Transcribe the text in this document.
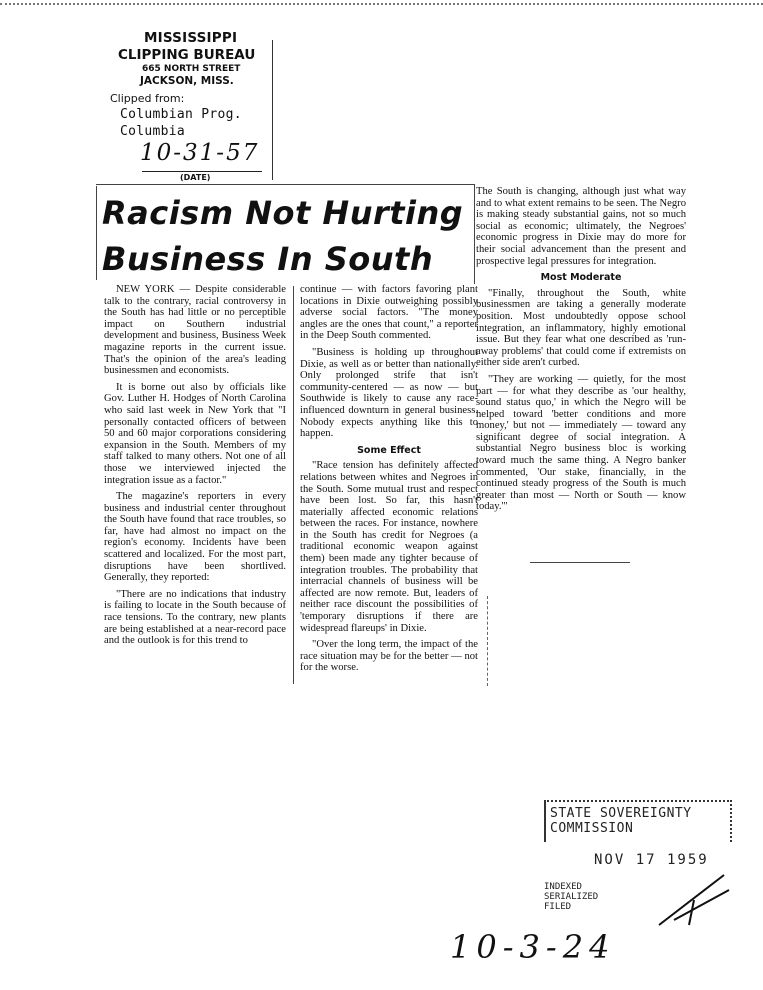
MISSISSIPPI
CLIPPING BUREAU
665 NORTH STREET
JACKSON, MISS.
Clipped from:
Columbian Prog.
Columbia
10-31-57
(DATE)
Racism Not Hurting
Business In South

NEW YORK — Despite considerable talk to the contrary, racial controversy in the South has had little or no perceptible impact on Southern industrial development and business, Business Week magazine reports in the current issue. That's the opinion of the area's leading businessmen and economists.

It is borne out also by officials like Gov. Luther H. Hodges of North Carolina who said last week in New York that "I personally contacted officers of between 50 and 60 major corporations considering expansion in the South. Members of my staff talked to many others. Not one of all those we interviewed injected the integration issue as a factor."

The magazine's reporters in every business and industrial center throughout the South have found that race troubles, so far, have had almost no impact on the region's economy. Incidents have been scattered and localized. For the most part, disruptions have been shortlived. Generally, they reported:

"There are no indications that industry is failing to locate in the South because of race tensions. To the contrary, new plants are being established at a near-record pace and the outlook is for this trend to

continue — with factors favoring plant locations in Dixie outweighing possibly adverse social factors. "The money angles are the ones that count," a reporter in the Deep South commented.

"Business is holding up throughout Dixie, as well as or better than nationally. Only prolonged strife that isn't community-centered — as now — but Southwide is likely to cause any race-influenced downturn in general business. Nobody expects anything like this to happen.

Some Effect

"Race tension has definitely affected relations between whites and Negroes in the South. Some mutual trust and respect have been lost. So far, this hasn't materially affected economic relations between the races. For instance, nowhere in the South has credit for Negroes (a traditional economic weapon against them) been made any tighter because of integration troubles. The probability that interracial channels of business will be affected are now remote. But, leaders of neither race discount the possibilities of 'temporary disruptions if there are widespread flareups' in Dixie.

"Over the long term, the impact of the race situation may be for the better — not for the worse.

The South is changing, although just what way and to what extent remains to be seen. The Negro is making steady substantial gains, not so much social as economic; ultimately, the Negroes' economic progress in Dixie may do more for their social advancement than the present and prospective legal pressures for integration.

Most Moderate

"Finally, throughout the South, white businessmen are taking a generally moderate position. Most undoubtedly oppose school integration, an inflammatory, highly emotional issue. But they fear what one described as 'run-away problems' that could come if extremists on either side aren't curbed.

"They are working — quietly, for the most part — for what they describe as 'our healthy, sound status quo,' in which the Negro will be helped toward 'better conditions and more money,' but not — immediately — toward any significant degree of social integration. A substantial Negro business bloc is working toward much the same thing. A Negro banker commented, 'Our stake, financially, in the continued steady progress of the South is much greater than most — North or South — know today.'"

STATE SOVEREIGNTY COMMISSION
NOV 17 1959
INDEXED
SERIALIZED
FILED
10-3-24
